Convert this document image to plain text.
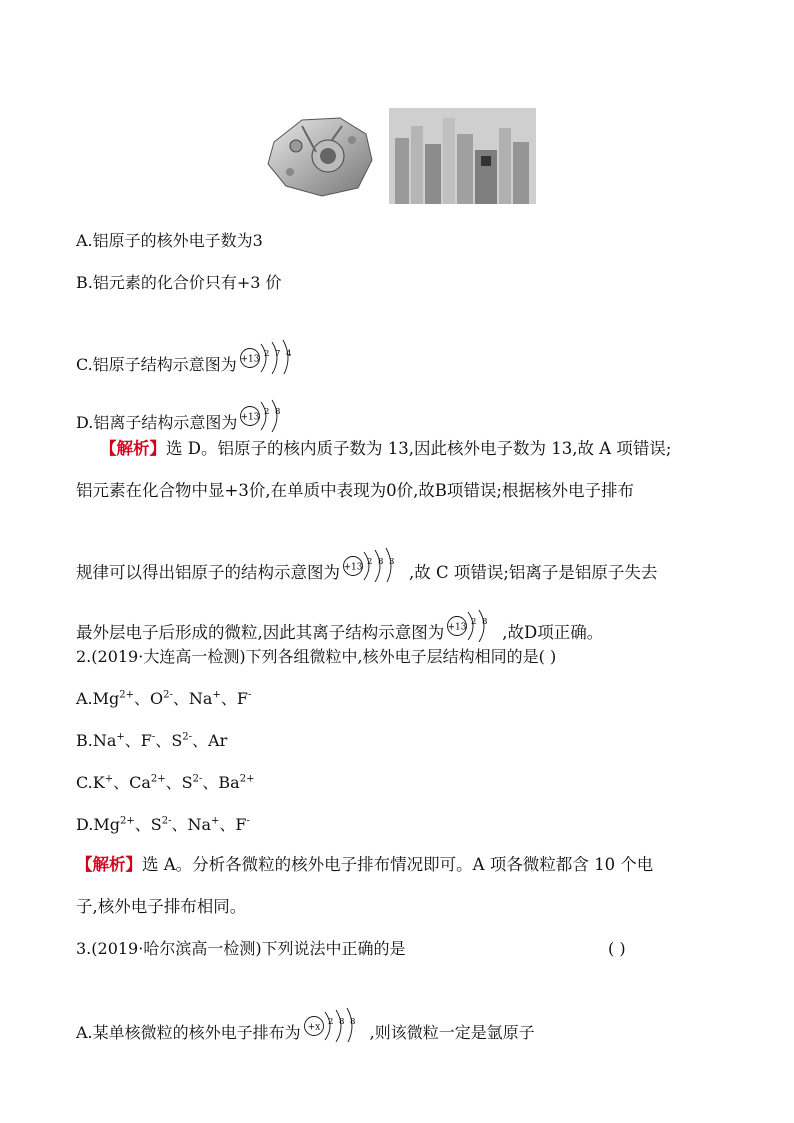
A.铝原子的核外电子数为3
B.铝元素的化合价只有+3 价
C.铝原子结构示意图为 +13
2 7 4
D.铝离子结构示意图为 +13
2 8
【解析】选 D。铝原子的核内质子数为 13,因此核外电子数为 13,故 A 项错误;
铝元素在化合物中显+3价,在单质中表现为0价,故B项错误;根据核外电子排布
规律可以得出铝原子的结构示意图为 +13
2 8 3
,故 C 项错误;铝离子是铝原子失去
最外层电子后形成的微粒,因此其离子结构示意图为 +13
2 8
,故D项正确。
2.(2019·大连高一检测)下列各组微粒中,核外电子层结构相同的是( )
$A.Mg^{2+}$、$O^{2-}$、Na+、F-
B.Na+、F-、$S^{2-}$、Ar
C.K+、$Ca^{2+}$、$S^{2-}$、$Ba^{2+}$
$D.Mg^{2+}$、$S^{2-}$、Na+、F-
【解析】选 A。分析各微粒的核外电子排布情况即可。A 项各微粒都含 10 个电
子,核外电子排布相同。
3.(2019·哈尔滨高一检测)下列说法中正确的是	( )
A.某单核微粒的核外电子排布为 +x
2 8 8
,则该微粒一定是氩原子
